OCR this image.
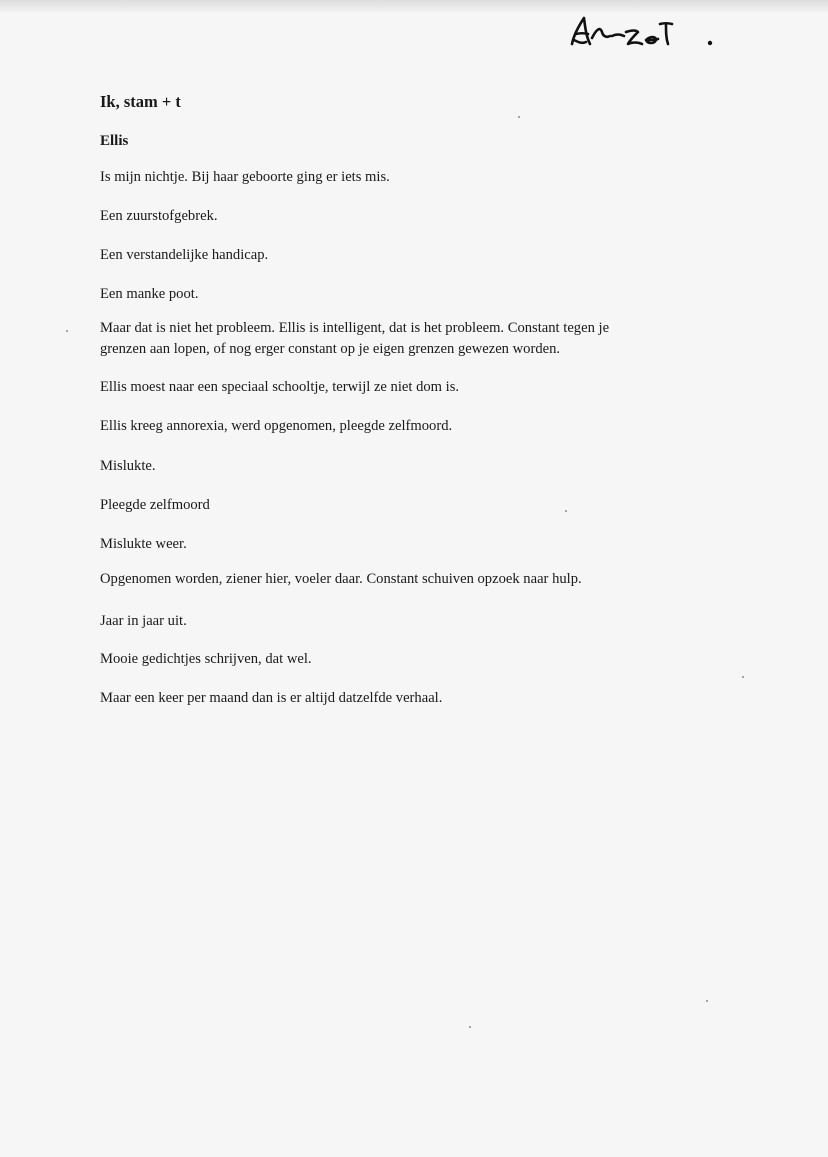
Ik, stam + t
Ellis

Is mijn nichtje. Bij haar geboorte ging er iets mis.

Een zuurstofgebrek.

Een verstandelijke handicap.

Een manke poot.

Maar dat is niet het probleem. Ellis is intelligent, dat is het probleem. Constant tegen je
grenzen aan lopen, of nog erger constant op je eigen grenzen gewezen worden.

Ellis moest naar een speciaal schooltje, terwijl ze niet dom is.

Ellis kreeg annorexia, werd opgenomen, pleegde zelfmoord.

Mislukte.

Pleegde zelfmoord

Mislukte weer.

Opgenomen worden, ziener hier, voeler daar. Constant schuiven opzoek naar hulp.

Jaar in jaar uit.

Mooie gedichtjes schrijven, dat wel.

Maar een keer per maand dan is er altijd datzelfde verhaal.
